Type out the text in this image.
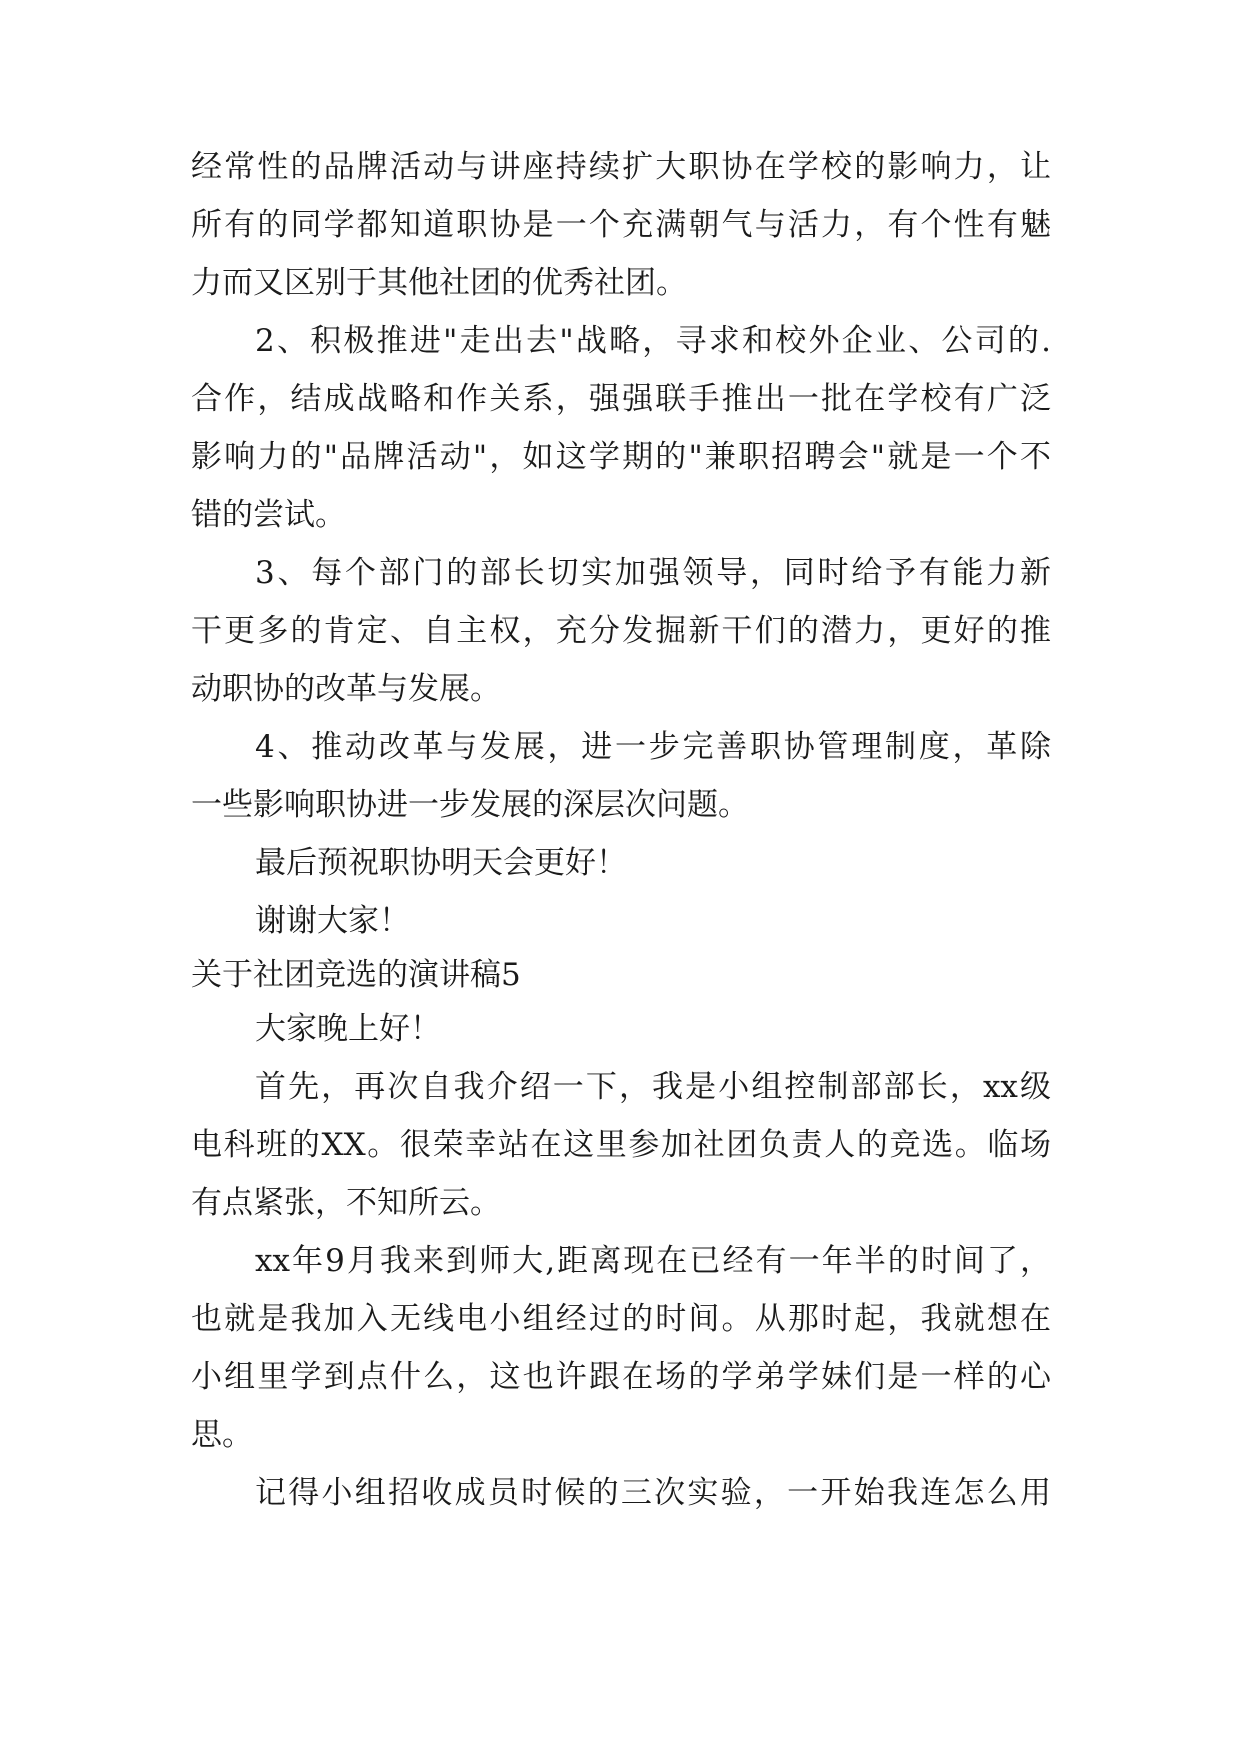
经常性的品牌活动与讲座持续扩大职协在学校的影响力，让
所有的同学都知道职协是一个充满朝气与活力，有个性有魅
力而又区别于其他社团的优秀社团。
2、积极推进"走出去"战略，寻求和校外企业、公司的.
合作，结成战略和作关系，强强联手推出一批在学校有广泛
影响力的"品牌活动"，如这学期的"兼职招聘会"就是一个不
错的尝试。
3、每个部门的部长切实加强领导，同时给予有能力新
干更多的肯定、自主权，充分发掘新干们的潜力，更好的推
动职协的改革与发展。
4、推动改革与发展，进一步完善职协管理制度，革除
一些影响职协进一步发展的深层次问题。
最后预祝职协明天会更好！
谢谢大家！
关于社团竞选的演讲稿5
大家晚上好！
首先，再次自我介绍一下，我是小组控制部部长，xx级
电科班的XX。很荣幸站在这里参加社团负责人的竞选。临场
有点紧张，不知所云。
xx年9月我来到师大,距离现在已经有一年半的时间了，
也就是我加入无线电小组经过的时间。从那时起，我就想在
小组里学到点什么，这也许跟在场的学弟学妹们是一样的心
思。
记得小组招收成员时候的三次实验，一开始我连怎么用
